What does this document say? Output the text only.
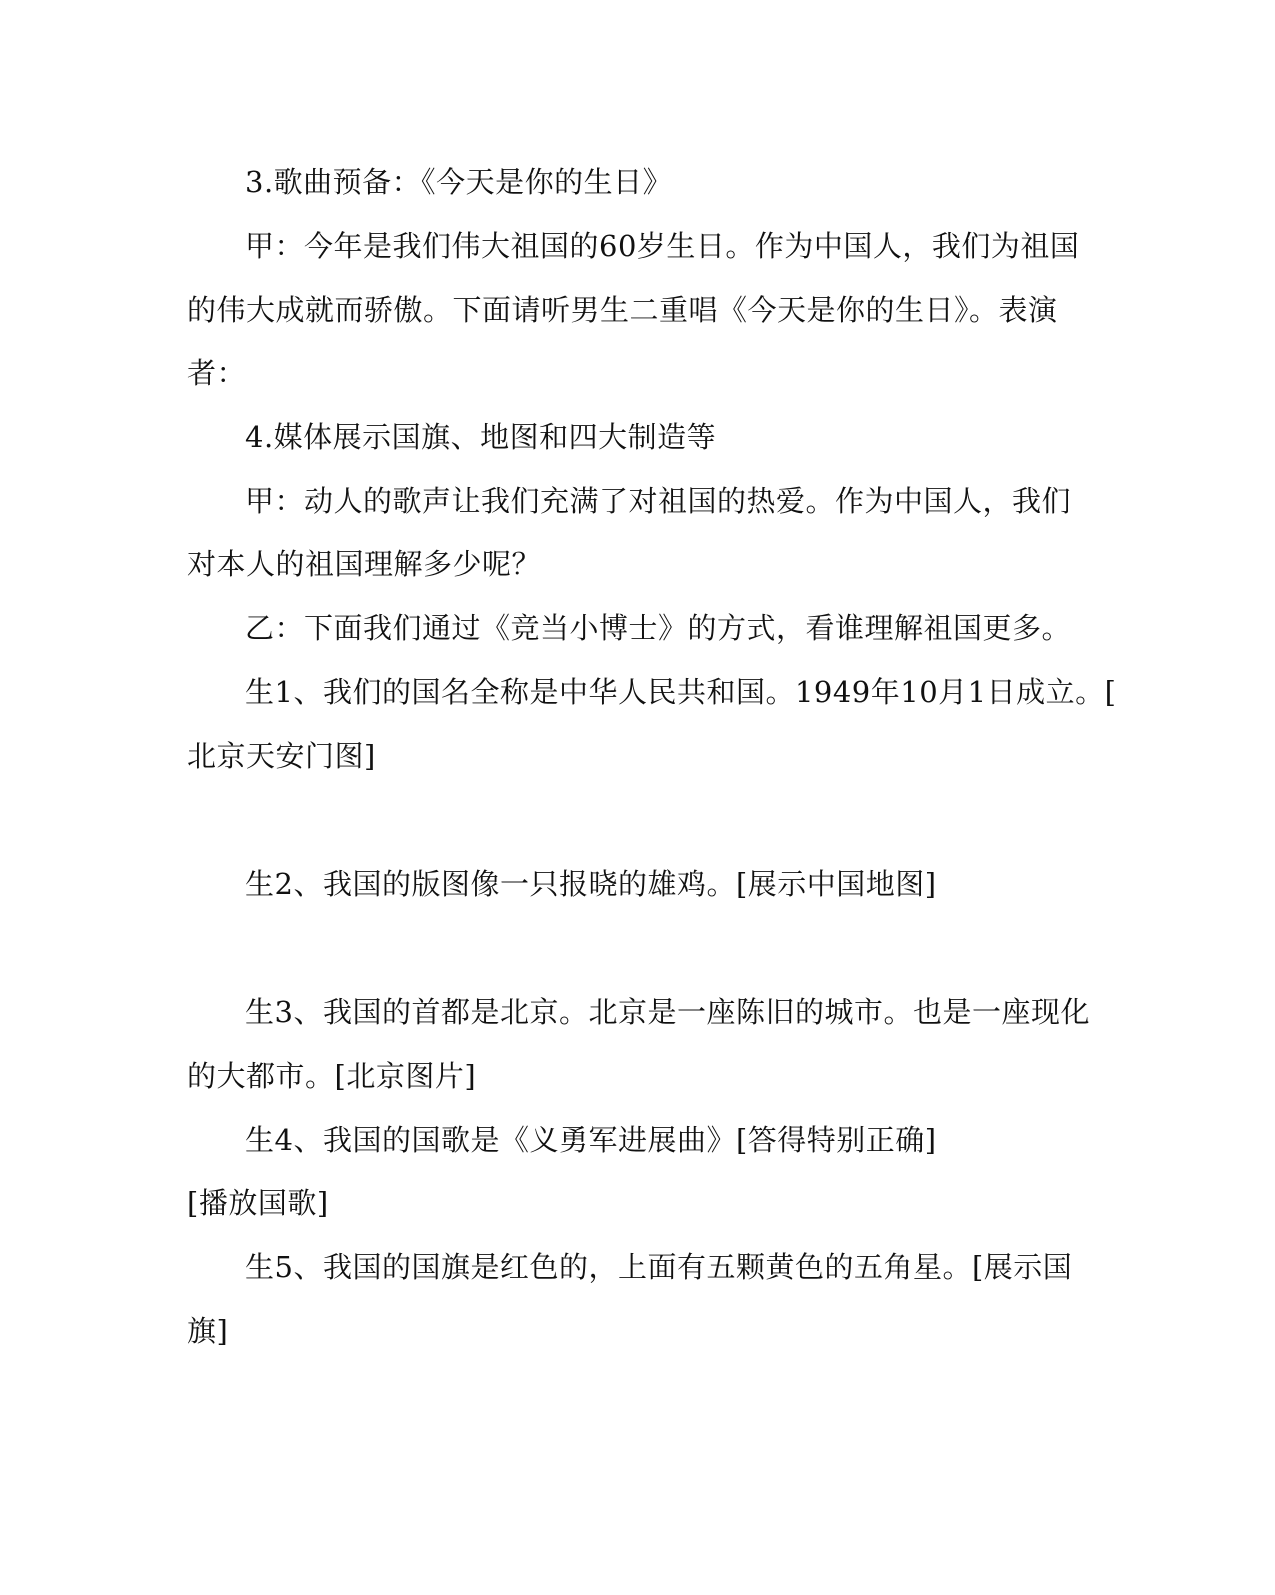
3.歌曲预备：《今天是你的生日》
甲：今年是我们伟大祖国的60岁生日。作为中国人，我们为祖国
的伟大成就而骄傲。下面请听男生二重唱《今天是你的生日》。表演
者：
4.媒体展示国旗、地图和四大制造等
甲：动人的歌声让我们充满了对祖国的热爱。作为中国人，我们
对本人的祖国理解多少呢？
乙：下面我们通过《竞当小博士》的方式，看谁理解祖国更多。
生1、我们的国名全称是中华人民共和国。1949年10月1日成立。[
北京天安门图]
生2、我国的版图像一只报晓的雄鸡。[展示中国地图]
生3、我国的首都是北京。北京是一座陈旧的城市。也是一座现化
的大都市。[北京图片]
生4、我国的国歌是《义勇军进展曲》[答得特别正确]
[播放国歌]
生5、我国的国旗是红色的，上面有五颗黄色的五角星。[展示国
旗]
